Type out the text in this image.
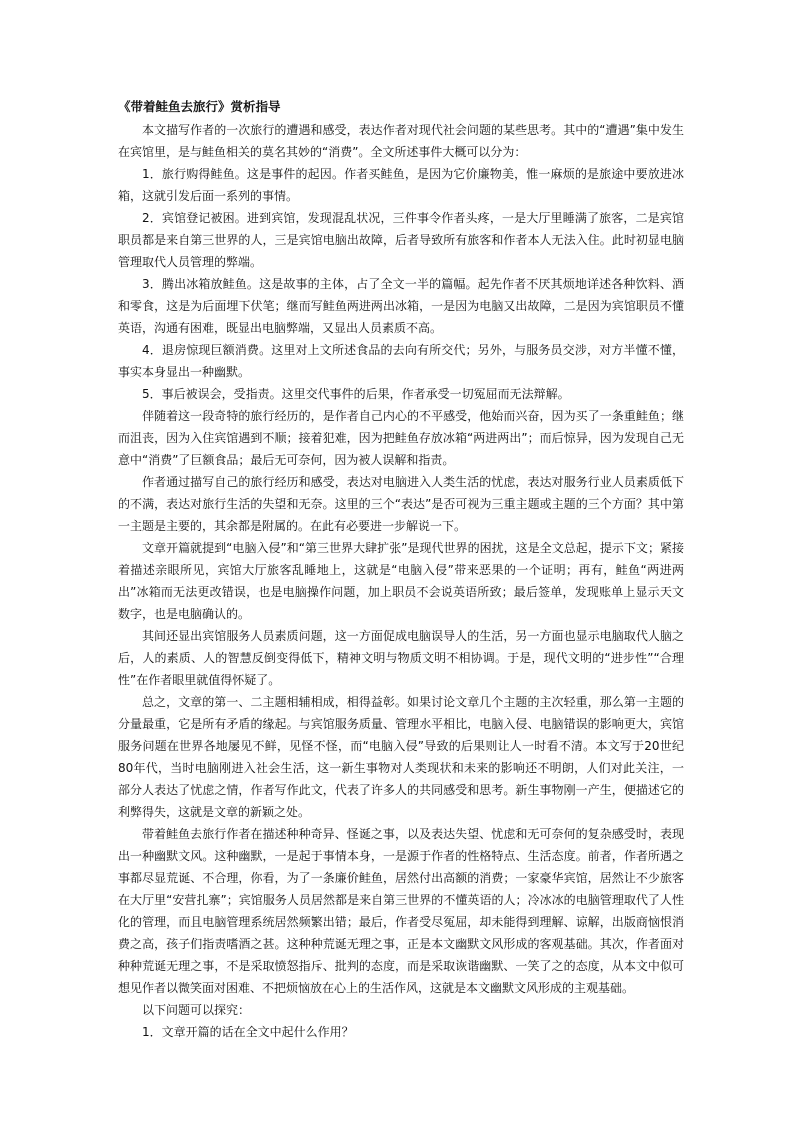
《带着鲑鱼去旅行》赏析指导

本文描写作者的一次旅行的遭遇和感受，表达作者对现代社会问题的某些思考。其中的“遭遇”集中发生在宾馆里，是与鲑鱼相关的莫名其妙的“消费”。全文所述事件大概可以分为：

1．旅行购得鲑鱼。这是事件的起因。作者买鲑鱼，是因为它价廉物美，惟一麻烦的是旅途中要放进冰箱，这就引发后面一系列的事情。

2．宾馆登记被困。进到宾馆，发现混乱状况，三件事令作者头疼，一是大厅里睡满了旅客，二是宾馆职员都是来自第三世界的人，三是宾馆电脑出故障，后者导致所有旅客和作者本人无法入住。此时初显电脑管理取代人员管理的弊端。

3．腾出冰箱放鲑鱼。这是故事的主体，占了全文一半的篇幅。起先作者不厌其烦地详述各种饮料、酒和零食，这是为后面埋下伏笔；继而写鲑鱼两进两出冰箱，一是因为电脑又出故障，二是因为宾馆职员不懂英语，沟通有困难，既显出电脑弊端，又显出人员素质不高。

4．退房惊现巨额消费。这里对上文所述食品的去向有所交代；另外，与服务员交涉，对方半懂不懂，事实本身显出一种幽默。

5．事后被误会，受指责。这里交代事件的后果，作者承受一切冤屈而无法辩解。

伴随着这一段奇特的旅行经历的，是作者自己内心的不平感受，他始而兴奋，因为买了一条重鲑鱼；继而沮丧，因为入住宾馆遇到不顺；接着犯难，因为把鲑鱼存放冰箱“两进两出”；而后惊异，因为发现自己无意中“消费”了巨额食品；最后无可奈何，因为被人误解和指责。

作者通过描写自己的旅行经历和感受，表达对电脑进入人类生活的忧虑，表达对服务行业人员素质低下的不满，表达对旅行生活的失望和无奈。这里的三个“表达”是否可视为三重主题或主题的三个方面？其中第一主题是主要的，其余都是附属的。在此有必要进一步解说一下。

文章开篇就提到“电脑入侵”和“第三世界大肆扩张”是现代世界的困扰，这是全文总起，提示下文；紧接着描述亲眼所见，宾馆大厅旅客乱睡地上，这就是“电脑入侵”带来恶果的一个证明；再有，鲑鱼“两进两出”冰箱而无法更改错误，也是电脑操作问题，加上职员不会说英语所致；最后签单，发现账单上显示天文数字，也是电脑确认的。

其间还显出宾馆服务人员素质问题，这一方面促成电脑误导人的生活，另一方面也显示电脑取代人脑之后，人的素质、人的智慧反倒变得低下，精神文明与物质文明不相协调。于是，现代文明的“进步性”“合理性”在作者眼里就值得怀疑了。

总之，文章的第一、二主题相辅相成，相得益彰。如果讨论文章几个主题的主次轻重，那么第一主题的分量最重，它是所有矛盾的缘起。与宾馆服务质量、管理水平相比，电脑入侵、电脑错误的影响更大，宾馆服务问题在世界各地屡见不鲜，见怪不怪，而“电脑入侵”导致的后果则让人一时看不清。本文写于20世纪80年代，当时电脑刚进入社会生活，这一新生事物对人类现状和未来的影响还不明朗，人们对此关注，一部分人表达了忧虑之情，作者写作此文，代表了许多人的共同感受和思考。新生事物刚一产生，便描述它的利弊得失，这就是文章的新颖之处。

带着鲑鱼去旅行作者在描述种种奇异、怪诞之事，以及表达失望、忧虑和无可奈何的复杂感受时，表现出一种幽默文风。这种幽默，一是起于事情本身，一是源于作者的性格特点、生活态度。前者，作者所遇之事都尽显荒诞、不合理，你看，为了一条廉价鲑鱼，居然付出高额的消费；一家豪华宾馆，居然让不少旅客在大厅里“安营扎寨”；宾馆服务人员居然都是来自第三世界的不懂英语的人；冷冰冰的电脑管理取代了人性化的管理，而且电脑管理系统居然频繁出错；最后，作者受尽冤屈，却未能得到理解、谅解，出版商恼恨消费之高，孩子们指责嗜酒之甚。这种种荒诞无理之事，正是本文幽默文风形成的客观基础。其次，作者面对种种荒诞无理之事，不是采取愤怒指斥、批判的态度，而是采取诙谐幽默、一笑了之的态度，从本文中似可想见作者以微笑面对困难、不把烦恼放在心上的生活作风，这就是本文幽默文风形成的主观基础。

以下问题可以探究：

1．文章开篇的话在全文中起什么作用？
